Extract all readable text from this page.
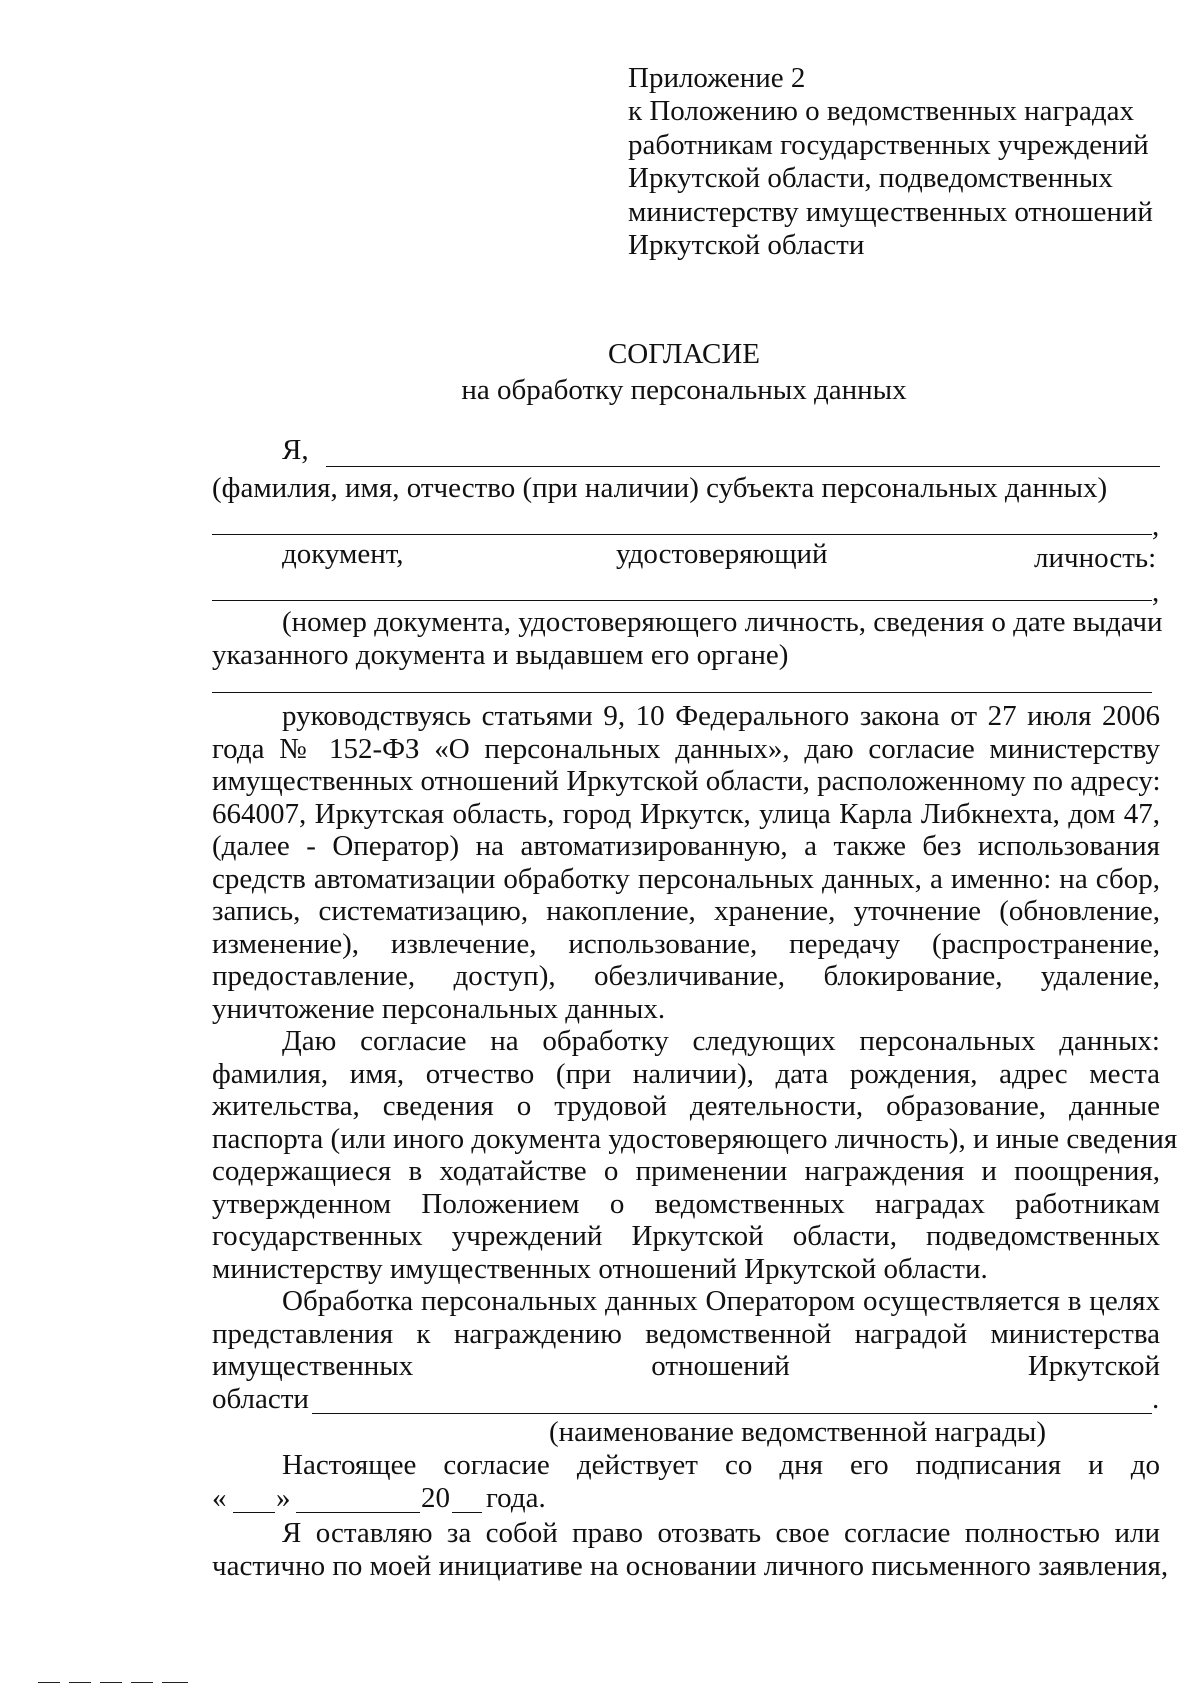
Приложение 2
к Положению о ведомственных наградах
работникам государственных учреждений
Иркутской области, подведомственных
министерству имущественных отношений
Иркутской области
СОГЛАСИЕ
на обработку персональных данных
Я,
(фамилия, имя, отчество (при наличии) субъекта персональных данных)
,
документ,	удостоверяющий	личность:
,
(номер документа, удостоверяющего личность, сведения о дате выдачи
указанного документа и выдавшем его органе)
руководствуясь статьями 9, 10 Федерального закона от 27 июля 2006
года № 152-ФЗ «О персональных данных», даю согласие министерству
имущественных отношений Иркутской области, расположенному по адресу:
664007, Иркутская область, город Иркутск, улица Карла Либкнехта, дом 47,
(далее - Оператор) на автоматизированную, а также без использования
средств автоматизации обработку персональных данных, а именно: на сбор,
запись, систематизацию, накопление, хранение, уточнение (обновление,
изменение), извлечение, использование, передачу (распространение,
предоставление, доступ), обезличивание, блокирование, удаление,
уничтожение персональных данных.
Даю согласие на обработку следующих персональных данных:
фамилия, имя, отчество (при наличии), дата рождения, адрес места
жительства, сведения о трудовой деятельности, образование, данные
паспорта (или иного документа удостоверяющего личность), и иные сведения
содержащиеся в ходатайстве о применении награждения и поощрения,
утвержденном Положением о ведомственных наградах работникам
государственных учреждений Иркутской области, подведомственных
министерству имущественных отношений Иркутской области.
Обработка персональных данных Оператором осуществляется в целях
представления к награждению ведомственной наградой министерства
имущественных отношений Иркутской
области	.
(наименование ведомственной награды)
Настоящее согласие действует со дня его подписания и до
« »	20 года.
Я оставляю за собой право отозвать свое согласие полностью или
частично по моей инициативе на основании личного письменного заявления,
